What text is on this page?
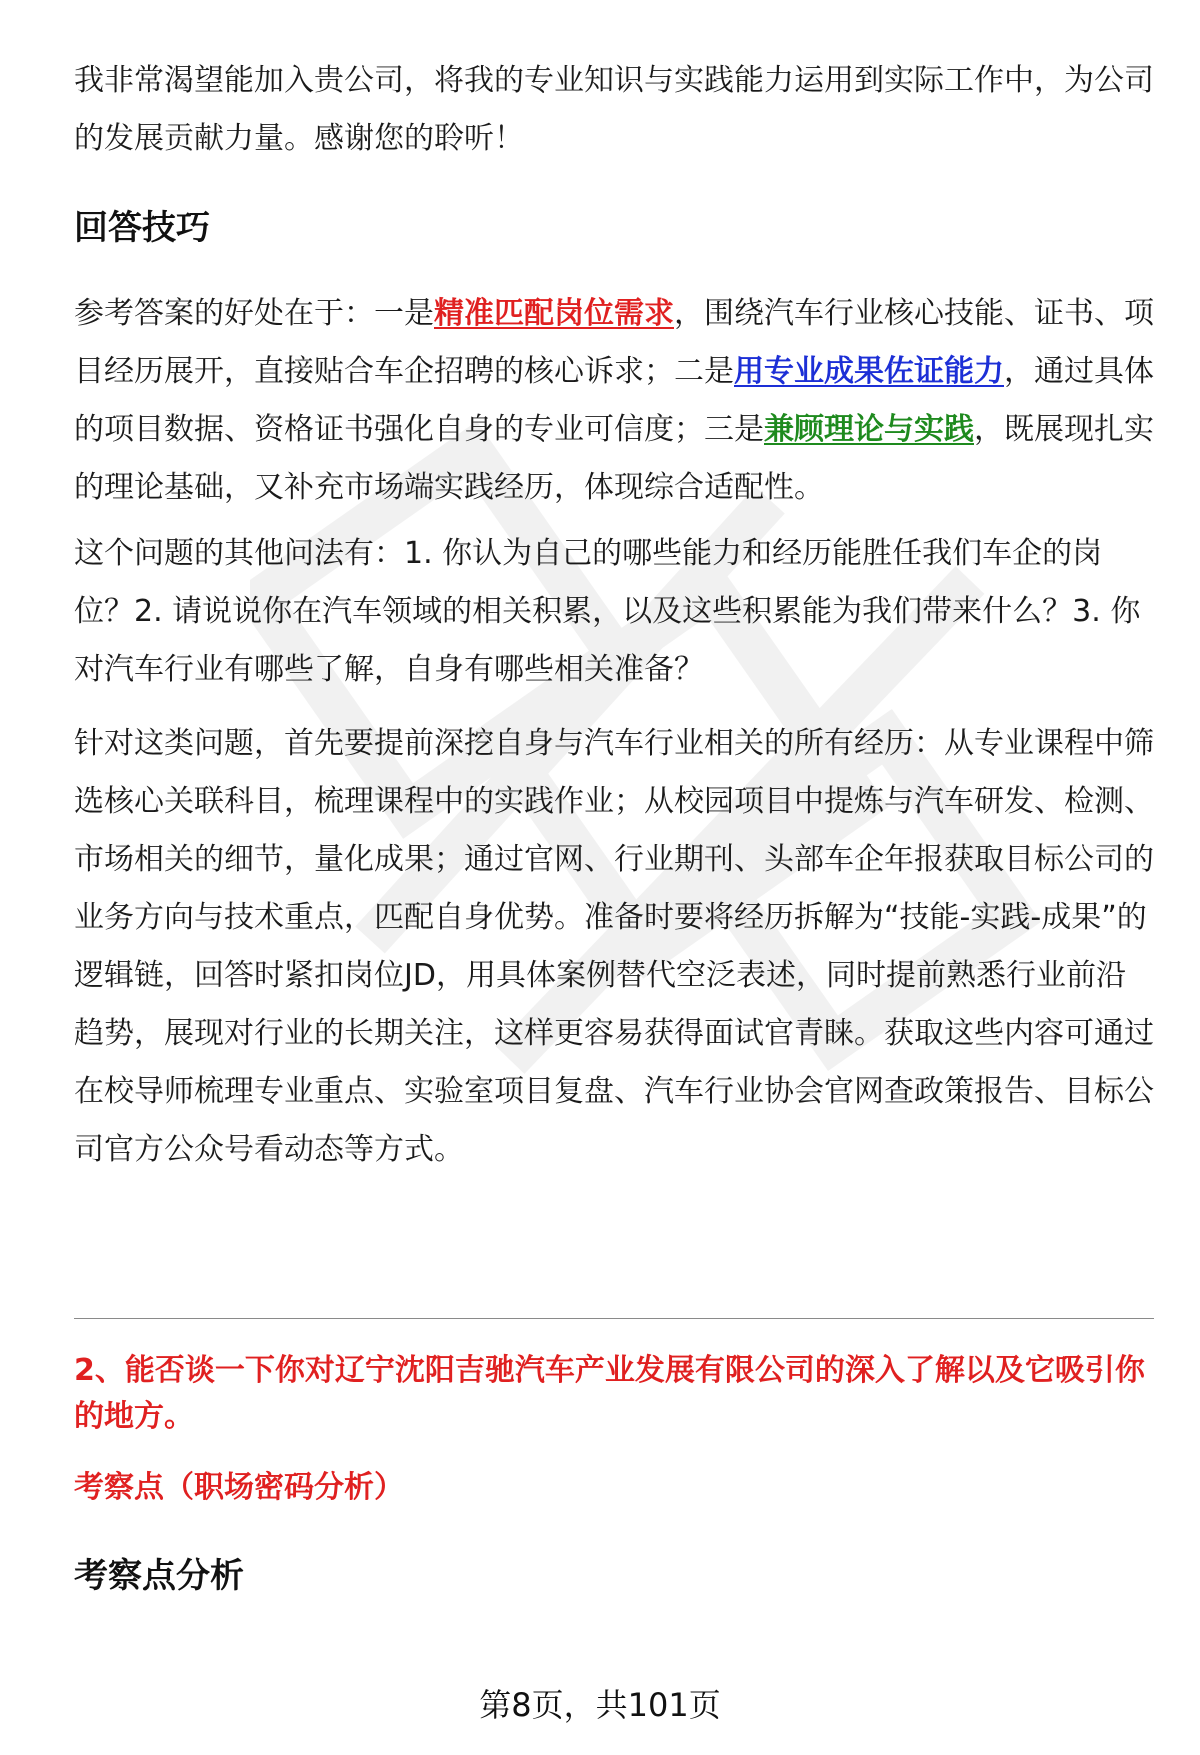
我非常渴望能加入贵公司，将我的专业知识与实践能力运用到实际工作中，为公司的发展贡献力量。感谢您的聆听！

回答技巧

参考答案的好处在于：一是精准匹配岗位需求，围绕汽车行业核心技能、证书、项目经历展开，直接贴合车企招聘的核心诉求；二是用专业成果佐证能力，通过具体的项目数据、资格证书强化自身的专业可信度；三是兼顾理论与实践，既展现扎实的理论基础，又补充市场端实践经历，体现综合适配性。

这个问题的其他问法有：1. 你认为自己的哪些能力和经历能胜任我们车企的岗位？2. 请说说你在汽车领域的相关积累，以及这些积累能为我们带来什么？3. 你对汽车行业有哪些了解，自身有哪些相关准备？

针对这类问题，首先要提前深挖自身与汽车行业相关的所有经历：从专业课程中筛选核心关联科目，梳理课程中的实践作业；从校园项目中提炼与汽车研发、检测、市场相关的细节，量化成果；通过官网、行业期刊、头部车企年报获取目标公司的业务方向与技术重点，匹配自身优势。准备时要将经历拆解为“技能-实践-成果”的逻辑链，回答时紧扣岗位JD，用具体案例替代空泛表述，同时提前熟悉行业前沿趋势，展现对行业的长期关注，这样更容易获得面试官青睐。获取这些内容可通过在校导师梳理专业重点、实验室项目复盘、汽车行业协会官网查政策报告、目标公司官方公众号看动态等方式。

2、能否谈一下你对辽宁沈阳吉驰汽车产业发展有限公司的深入了解以及它吸引你的地方。

考察点（职场密码分析）

考察点分析
第8页，共101页
